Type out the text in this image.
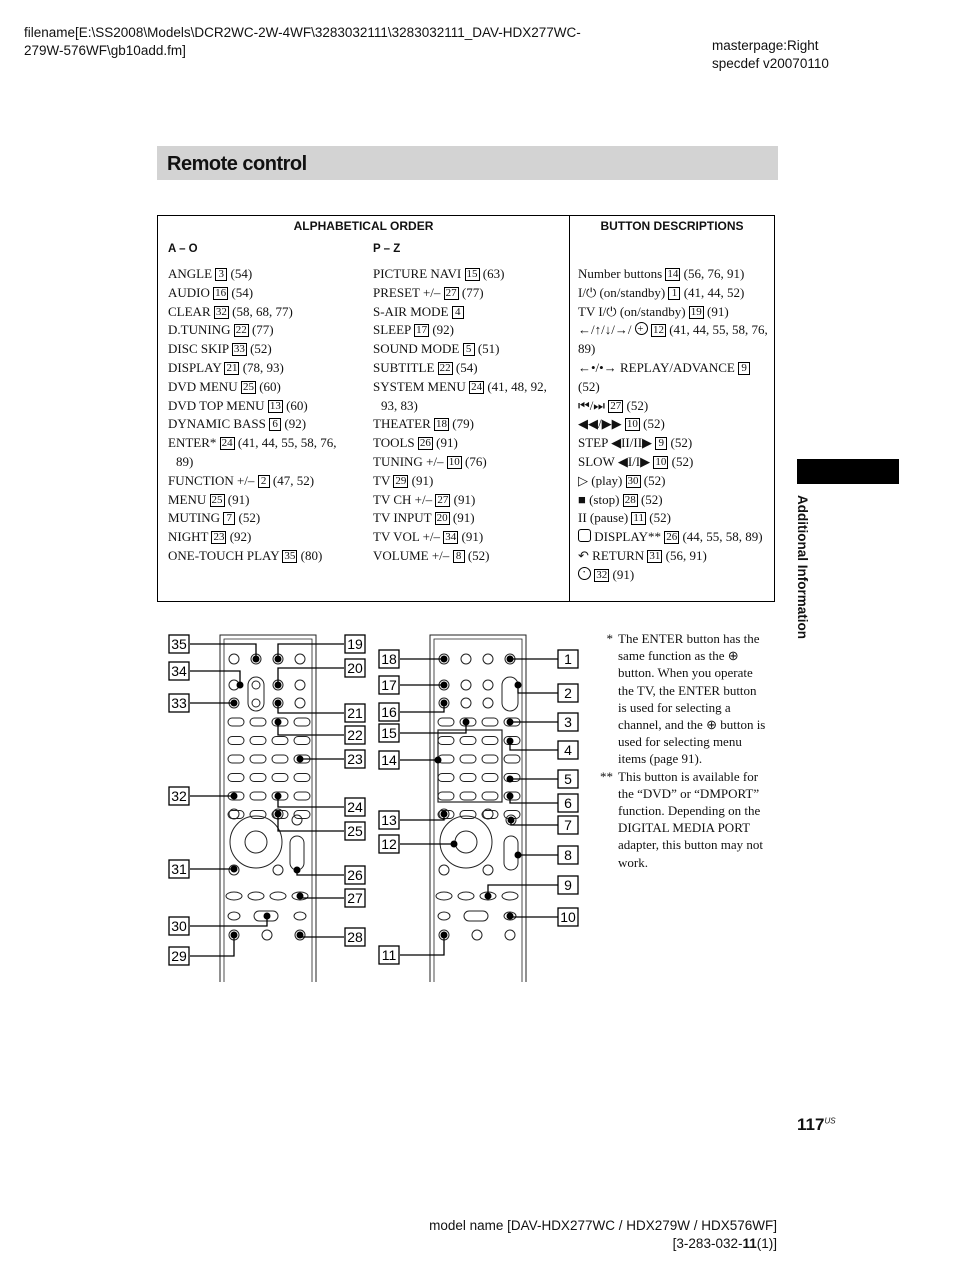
filename[E:\SS2008\Models\DCR2WC-2W-4WF\3283032111\3283032111_DAV-HDX277WC-
279W-576WF\gb10add.fm]	masterpage:Right
specdef v20070110
Remote control
ALPHABETICAL ORDER	BUTTON DESCRIPTIONS
A – O	P – Z
ANGLE 3 (54)
AUDIO 16 (54)
CLEAR 32 (58, 68, 77)
D.TUNING 22 (77)
DISC SKIP 33 (52)
DISPLAY 21 (78, 93)
DVD MENU 25 (60)
DVD TOP MENU 13 (60)
DYNAMIC BASS 6 (92)
ENTER* 24 (41, 44, 55, 58, 76,
89)
FUNCTION +/– 2 (47, 52)
MENU 25 (91)
MUTING 7 (52)
NIGHT 23 (92)
ONE-TOUCH PLAY 35 (80)
PICTURE NAVI 15 (63)
PRESET +/– 27 (77)
S-AIR MODE 4
SLEEP 17 (92)
SOUND MODE 5 (51)
SUBTITLE 22 (54)
SYSTEM MENU 24 (41, 48, 92,
93, 83)
THEATER 18 (79)
TOOLS 26 (91)
TUNING +/– 10 (76)
TV 29 (91)
TV CH +/– 27 (91)
TV INPUT 20 (91)
TV VOL +/– 34 (91)
VOLUME +/– 8 (52)
Number buttons 14 (56, 76, 91)
I/⏻ (on/standby) 1 (41, 44, 52)
TV I/⏻ (on/standby) 19 (91)
←/↑/↓/→/ + 12 (41, 44, 55, 58, 76, 89)
←•/•→ REPLAY/ADVANCE 9 (52)
⏮/⏭ 27 (52)
◀◀/▶▶ 10 (52)
STEP ◀II/II▶ 9 (52)
SLOW ◀I/I▶ 10 (52)
▷ (play) 30 (52)
■ (stop) 28 (52)
II (pause) 11 (52)
DISPLAY** 26 (44, 55, 58, 89)
↶ RETURN 31 (56, 91)
· 32 (91)	Additional Information
35
34
33
32
31
30
29
19
20
21
22
23
24
25
26
27
28
18
17
16
15
14
13
12
11
1
2
3
4
5
6
7
8
9
10
* The ENTER button has the same function as the ⊕ button. When you operate the TV, the ENTER button is used for selecting a channel, and the ⊕ button is used for selecting menu items (page 91).
** This button is available for the “DVD” or “DMPORT” function. Depending on the DIGITAL MEDIA PORT adapter, this button may not work.
$117^{US}$
model name [DAV-HDX277WC / HDX279W / HDX576WF]
[3-283-032-11(1)]
